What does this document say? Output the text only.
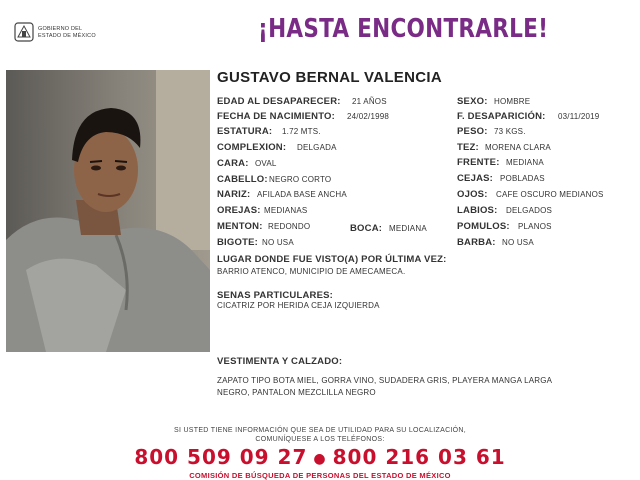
GOBIERNO DEL
ESTADO DE MÉXICO	¡HASTA ENCONTRARLE!
GUSTAVO BERNAL VALENCIA
EDAD AL DESAPARECER: 21 AÑOS
FECHA DE NACIMIENTO: 24/02/1998
ESTATURA: 1.72 MTS.
COMPLEXION: DELGADA
CARA: OVAL
CABELLO: NEGRO CORTO
NARIZ: AFILADA BASE ANCHA
OREJAS: MEDIANAS
MENTON: REDONDO	BOCA: MEDIANA
BIGOTE: NO USA
SEXO: HOMBRE
F. DESAPARICIÓN: 03/11/2019
PESO: 73 KGS.
TEZ: MORENA CLARA
FRENTE: MEDIANA
CEJAS: POBLADAS
OJOS: CAFE OSCURO MEDIANOS
LABIOS: DELGADOS
POMULOS: PLANOS
BARBA: NO USA
LUGAR DONDE FUE VISTO(A) POR ÚLTIMA VEZ:
BARRIO ATENCO, MUNICIPIO DE AMECAMECA.
SENAS PARTICULARES:
CICATRIZ POR HERIDA CEJA IZQUIERDA
VESTIMENTA Y CALZADO:
ZAPATO TIPO BOTA MIEL, GORRA VINO, SUDADERA GRIS, PLAYERA MANGA LARGA
NEGRO, PANTALON MEZCLILLA NEGRO
SI USTED TIENE INFORMACIÓN QUE SEA DE UTILIDAD PARA SU LOCALIZACIÓN,
COMUNÍQUESE A LOS TELÉFONOS:
800 509 09 27 ● 800 216 03 61
COMISIÓN DE BÚSQUEDA DE PERSONAS DEL ESTADO DE MÉXICO
